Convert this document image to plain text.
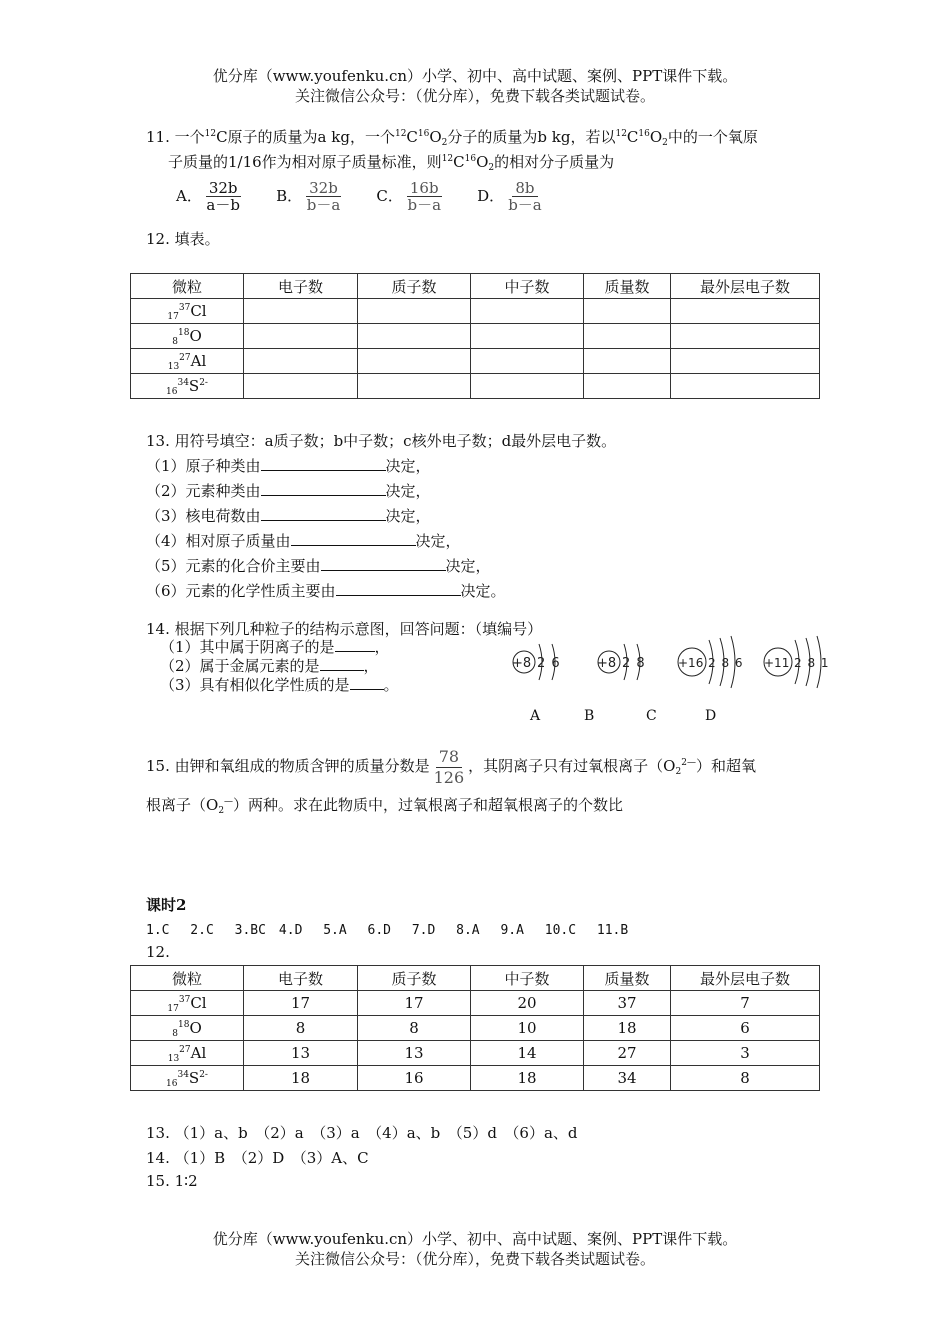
优分库（www.youfenku.cn）小学、初中、高中试题、案例、PPT课件下载。
关注微信公众号：（优分库），免费下载各类试题试卷。
11. 一个$^{12}$C原子的质量为a kg，一个$^{12}C^{16}O_2$分子的质量为b kg，若以$^{12}C^{16}O_2$中的一个氧原
子质量的1/16作为相对原子质量标准，则$^{12}C^{16}O_2$的相对分子质量为
A． $\frac{32b}{a-b}$ B． $\frac{32b}{b-a}$ C． $\frac{16b}{b-a}$ D． $\frac{8b}{b-a}$
12. 填表。
微粒	电子数	质子数	中子数	质量数	最外层电子数
$_{17}^{37}$Cl					
$_8^{18}$O					
$_{13}^{27}$Al					
$_{16}^{34}S^{2-}$					
13. 用符号填空：a质子数；b中子数；c核外电子数；d最外层电子数。
（1）原子种类由	决定，
（2）元素种类由	决定，
（3）核电荷数由	决定，
（4）相对原子质量由	决定，
（5）元素的化合价主要由	决定，
（6）元素的化学性质主要由	决定。
14. 根据下列几种粒子的结构示意图，回答问题：（填编号）
（1）其中属于阴离子的是	，
（2）属于金属元素的是	，
（3）具有相似化学性质的是 。
+8 2 6	+8 2 8	+16 2 8 6 +11 2 8 1
A	B	C	D
15. 由钾和氧组成的物质含钾的质量分数是 $\frac{78}{126}$ ，其阴离子只有过氧根离子$(O_2^{2—})$和超氧
根离子$(O_2^—)$两种。求在此物质中，过氧根离子和超氧根离子的个数比
课时2
1.C　 2.C　 3.BC　4.D　 5.A　 6.D　 7.D　 8.A　 9.A　 10.C　 11.B
12.
微粒	电子数	质子数	中子数	质量数	最外层电子数
$_{17}^{37}$Cl	17	17	20	37	7
$_8^{18}$O	8	8	10	18	6
$_{13}^{27}$Al	13	13	14	27	3
$_{16}^{34}S^{2-}$	18	16	18	34	8
13. （1）a、b　（2）a　（3）a　（4）a、b　（5）d　（6）a、d
14. （1）B　（2）D　（3）A、C
15. 1∶2
优分库（www.youfenku.cn）小学、初中、高中试题、案例、PPT课件下载。
关注微信公众号：（优分库），免费下载各类试题试卷。
